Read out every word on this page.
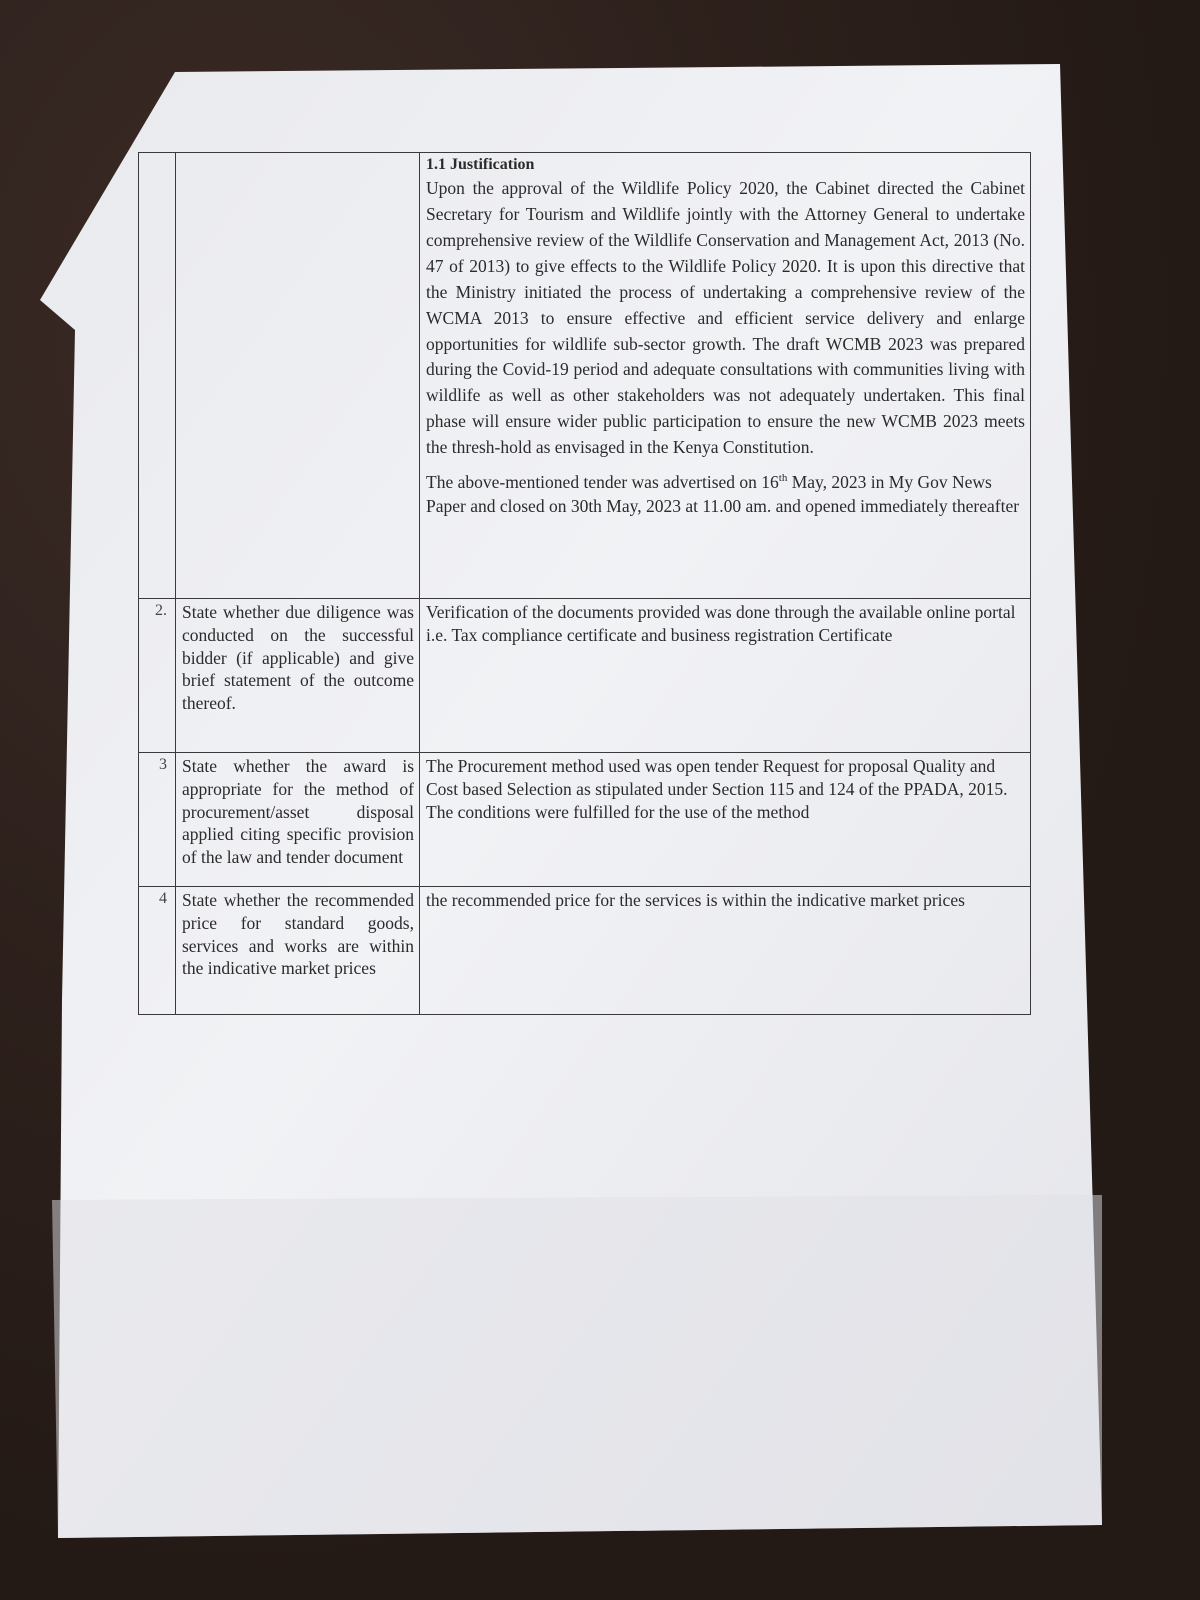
		1.1 Justification

Upon the approval of the Wildlife Policy 2020, the Cabinet directed the Cabinet Secretary for Tourism and Wildlife jointly with the Attorney General to undertake comprehensive review of the Wildlife Conservation and Management Act, 2013 (No. 47 of 2013) to give effects to the Wildlife Policy 2020. It is upon this directive that the Ministry initiated the process of undertaking a comprehensive review of the WCMA 2013 to ensure effective and efficient service delivery and enlarge opportunities for wildlife sub-sector growth. The draft WCMB 2023 was prepared during the Covid-19 period and adequate consultations with communities living with wildlife as well as other stakeholders was not adequately undertaken. This final phase will ensure wider public participation to ensure the new WCMB 2023 meets the thresh-hold as envisaged in the Kenya Constitution.

The above-mentioned tender was advertised on 16th May, 2023 in My Gov News Paper and closed on 30th May, 2023 at 11.00 am. and opened immediately thereafter

2.	State whether due diligence was conducted on the successful bidder (if applicable) and give brief statement of the outcome thereof.	Verification of the documents provided was done through the available online portal i.e. Tax compliance certificate and business registration Certificate
3	State whether the award is appropriate for the method of procurement/asset disposal applied citing specific provision of the law and tender document	The Procurement method used was open tender Request for proposal Quality and Cost based Selection as stipulated under Section 115 and 124 of the PPADA, 2015. The conditions were fulfilled for the use of the method
4	State whether the recommended price for standard goods, services and works are within the indicative market prices	the recommended price for the services is within the indicative market prices
